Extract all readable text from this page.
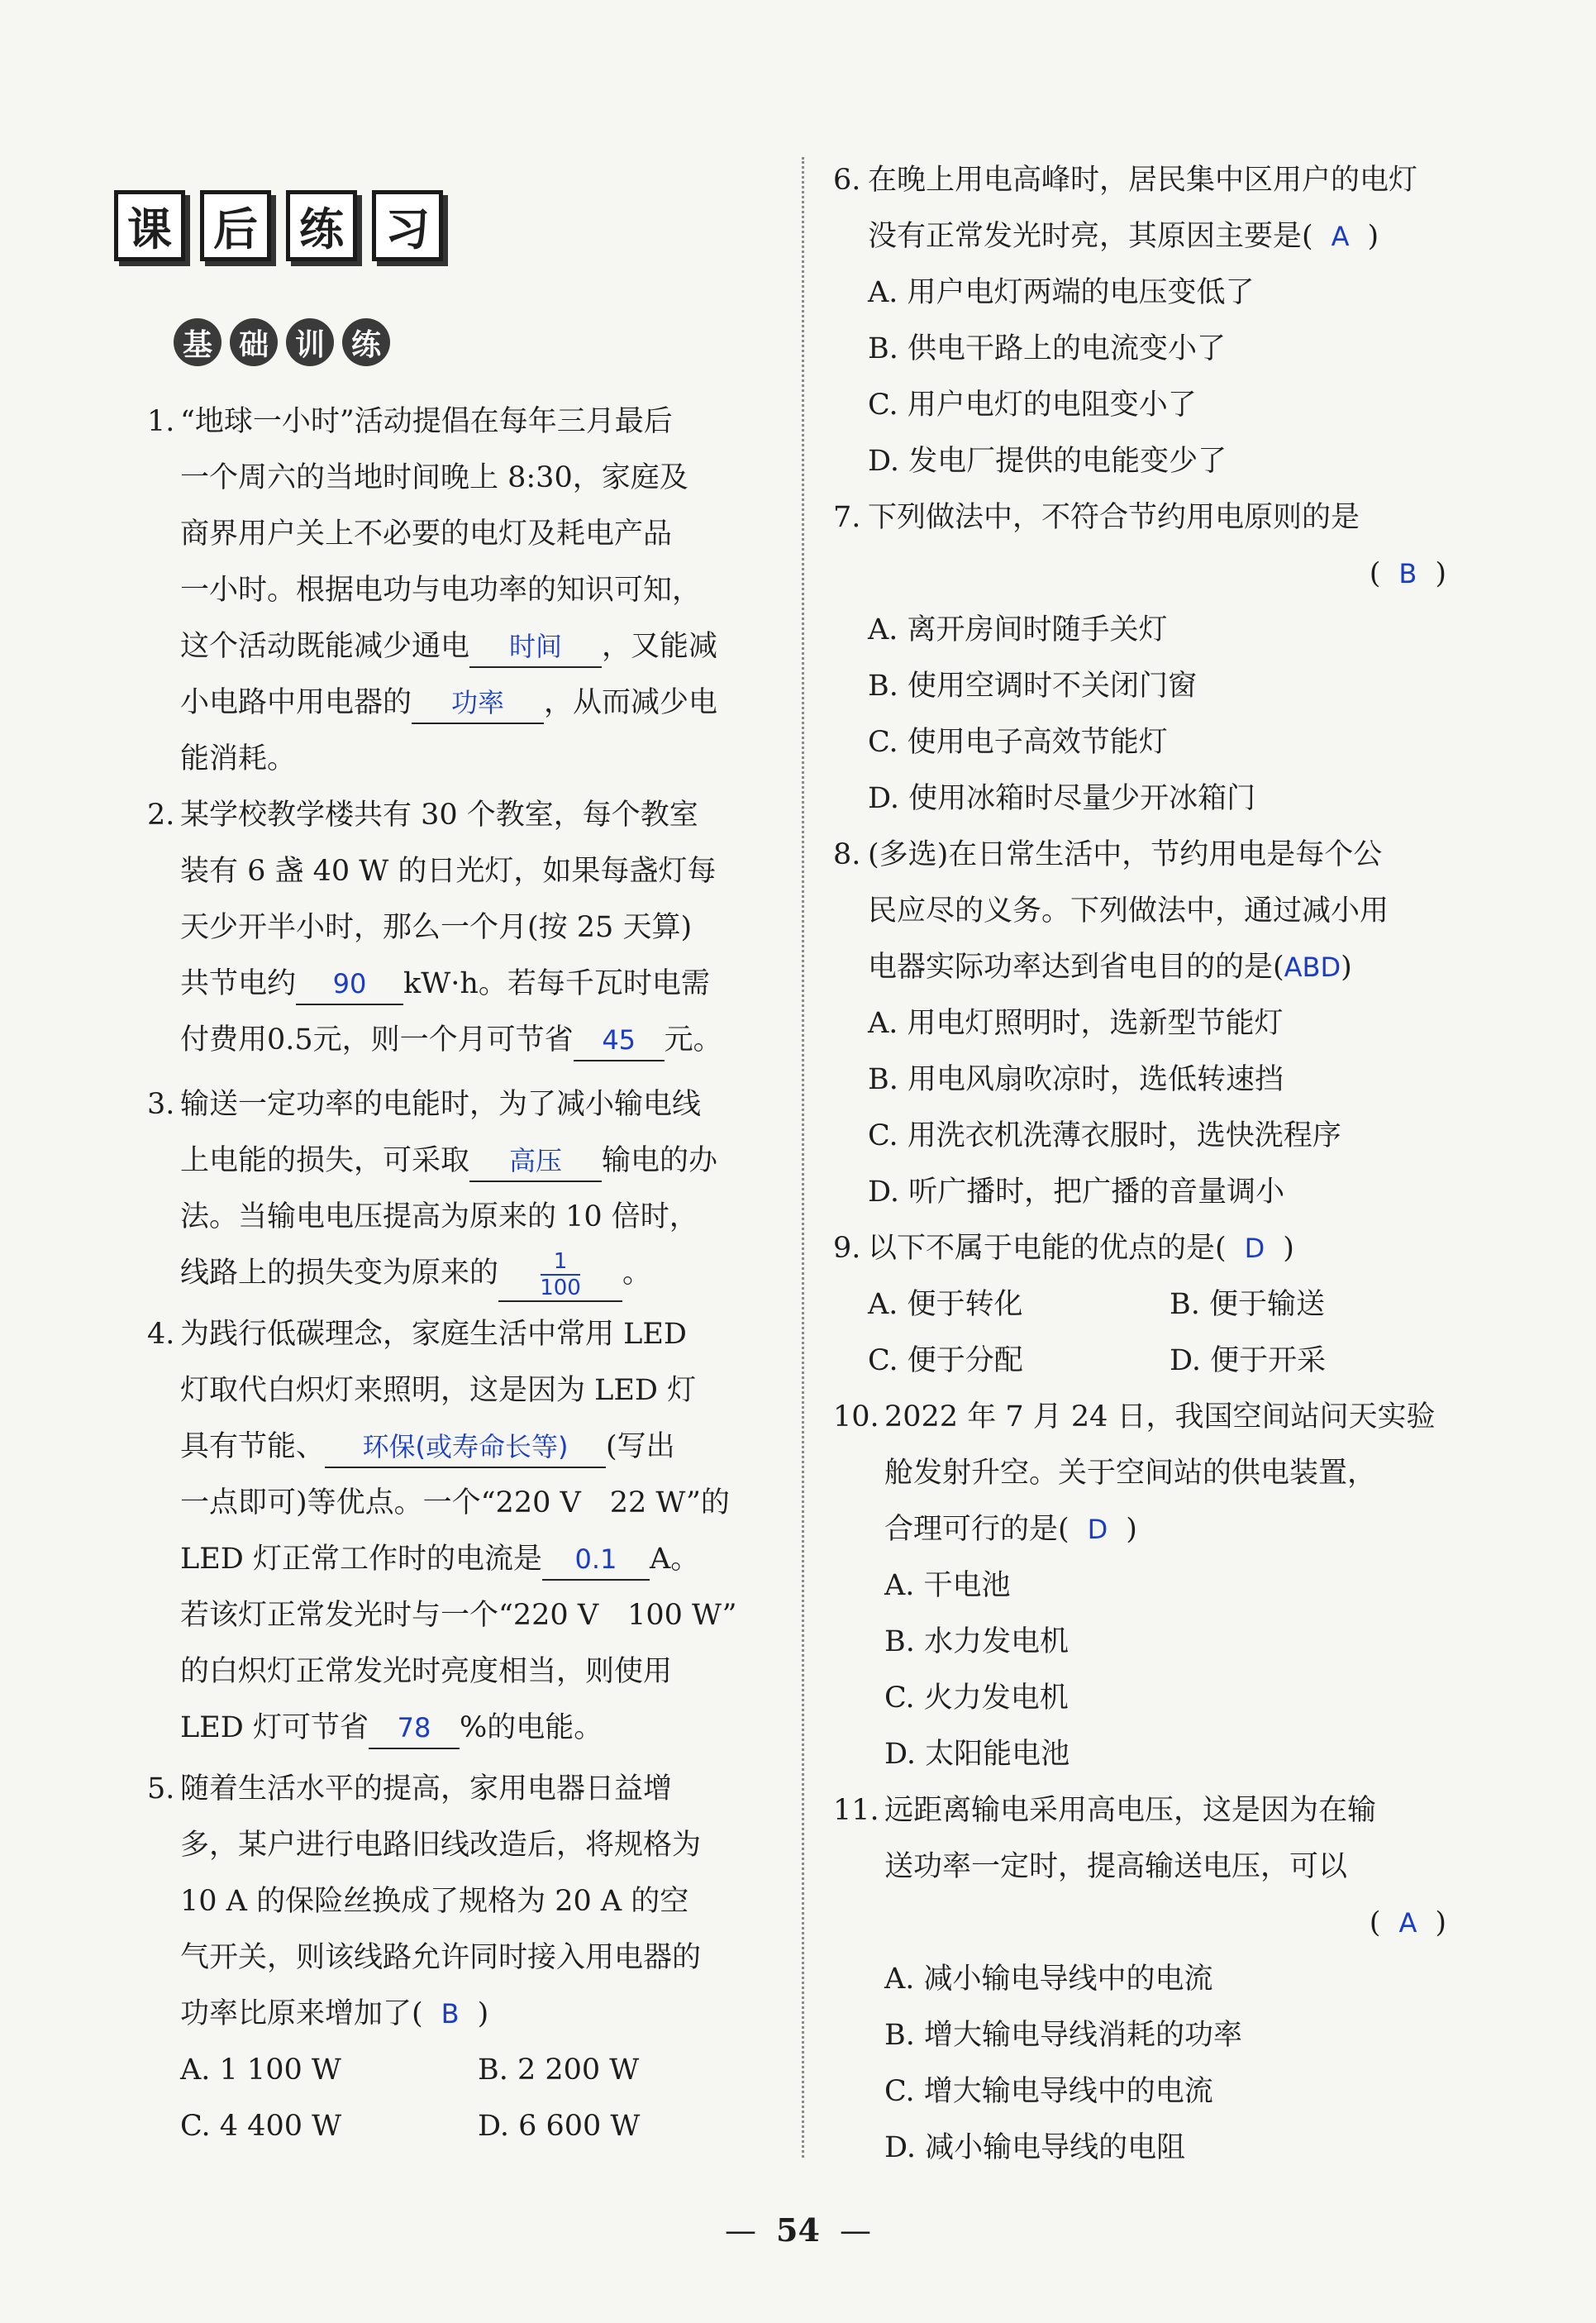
课 后 练 习
基 础 训 练
1. “地球一小时”活动提倡在每年三月最后
一个周六的当地时间晚上 8:30，家庭及
商界用户关上不必要的电灯及耗电产品
一小时。根据电功与电功率的知识可知，
这个活动既能减少通电 时间 ，又能减
小电路中用电器的 功率 ，从而减少电
能消耗。
2. 某学校教学楼共有 30 个教室，每个教室
装有 6 盏 40 W 的日光灯，如果每盏灯每
天少开半小时，那么一个月(按 25 天算)
共节电约 90 kW·h。若每千瓦时电需
付费用0.5元，则一个月可节省 45 元。
3. 输送一定功率的电能时，为了减小输电线
上电能的损失，可采取 高压 输电的办
法。当输电电压提高为原来的 10 倍时，
线路上的损失变为原来的 $\frac{1}{100}$ 。
4. 为践行低碳理念，家庭生活中常用 LED
灯取代白炽灯来照明，这是因为 LED 灯
具有节能、 环保(或寿命长等) (写出
一点即可)等优点。一个“220 V　22 W”的
LED 灯正常工作时的电流是 0.1 A。
若该灯正常发光时与一个“220 V　100 W”
的白炽灯正常发光时亮度相当，则使用
LED 灯可节省 78 %的电能。
5. 随着生活水平的提高，家用电器日益增
多，某户进行电路旧线改造后，将规格为
10 A 的保险丝换成了规格为 20 A 的空
气开关，则该线路允许同时接入用电器的
功率比原来增加了( B )
A. 1 100 W	B. 2 200 W
C. 4 400 W	D. 6 600 W
6. 在晚上用电高峰时，居民集中区用户的电灯
没有正常发光时亮，其原因主要是( A )
A. 用户电灯两端的电压变低了
B. 供电干路上的电流变小了
C. 用户电灯的电阻变小了
D. 发电厂提供的电能变少了
7. 下列做法中，不符合节约用电原则的是
( B )
A. 离开房间时随手关灯
B. 使用空调时不关闭门窗
C. 使用电子高效节能灯
D. 使用冰箱时尽量少开冰箱门
8. (多选)在日常生活中，节约用电是每个公
民应尽的义务。下列做法中，通过减小用
电器实际功率达到省电目的的是(ABD)
A. 用电灯照明时，选新型节能灯
B. 用电风扇吹凉时，选低转速挡
C. 用洗衣机洗薄衣服时，选快洗程序
D. 听广播时，把广播的音量调小
9. 以下不属于电能的优点的是( D )
A. 便于转化	B. 便于输送
C. 便于分配	D. 便于开采
10. 2022 年 7 月 24 日，我国空间站问天实验
舱发射升空。关于空间站的供电装置，
合理可行的是( D )
A. 干电池
B. 水力发电机
C. 火力发电机
D. 太阳能电池
11. 远距离输电采用高电压，这是因为在输
送功率一定时，提高输送电压，可以
( A )
A. 减小输电导线中的电流
B. 增大输电导线消耗的功率
C. 增大输电导线中的电流
D. 减小输电导线的电阻
— 54 —
